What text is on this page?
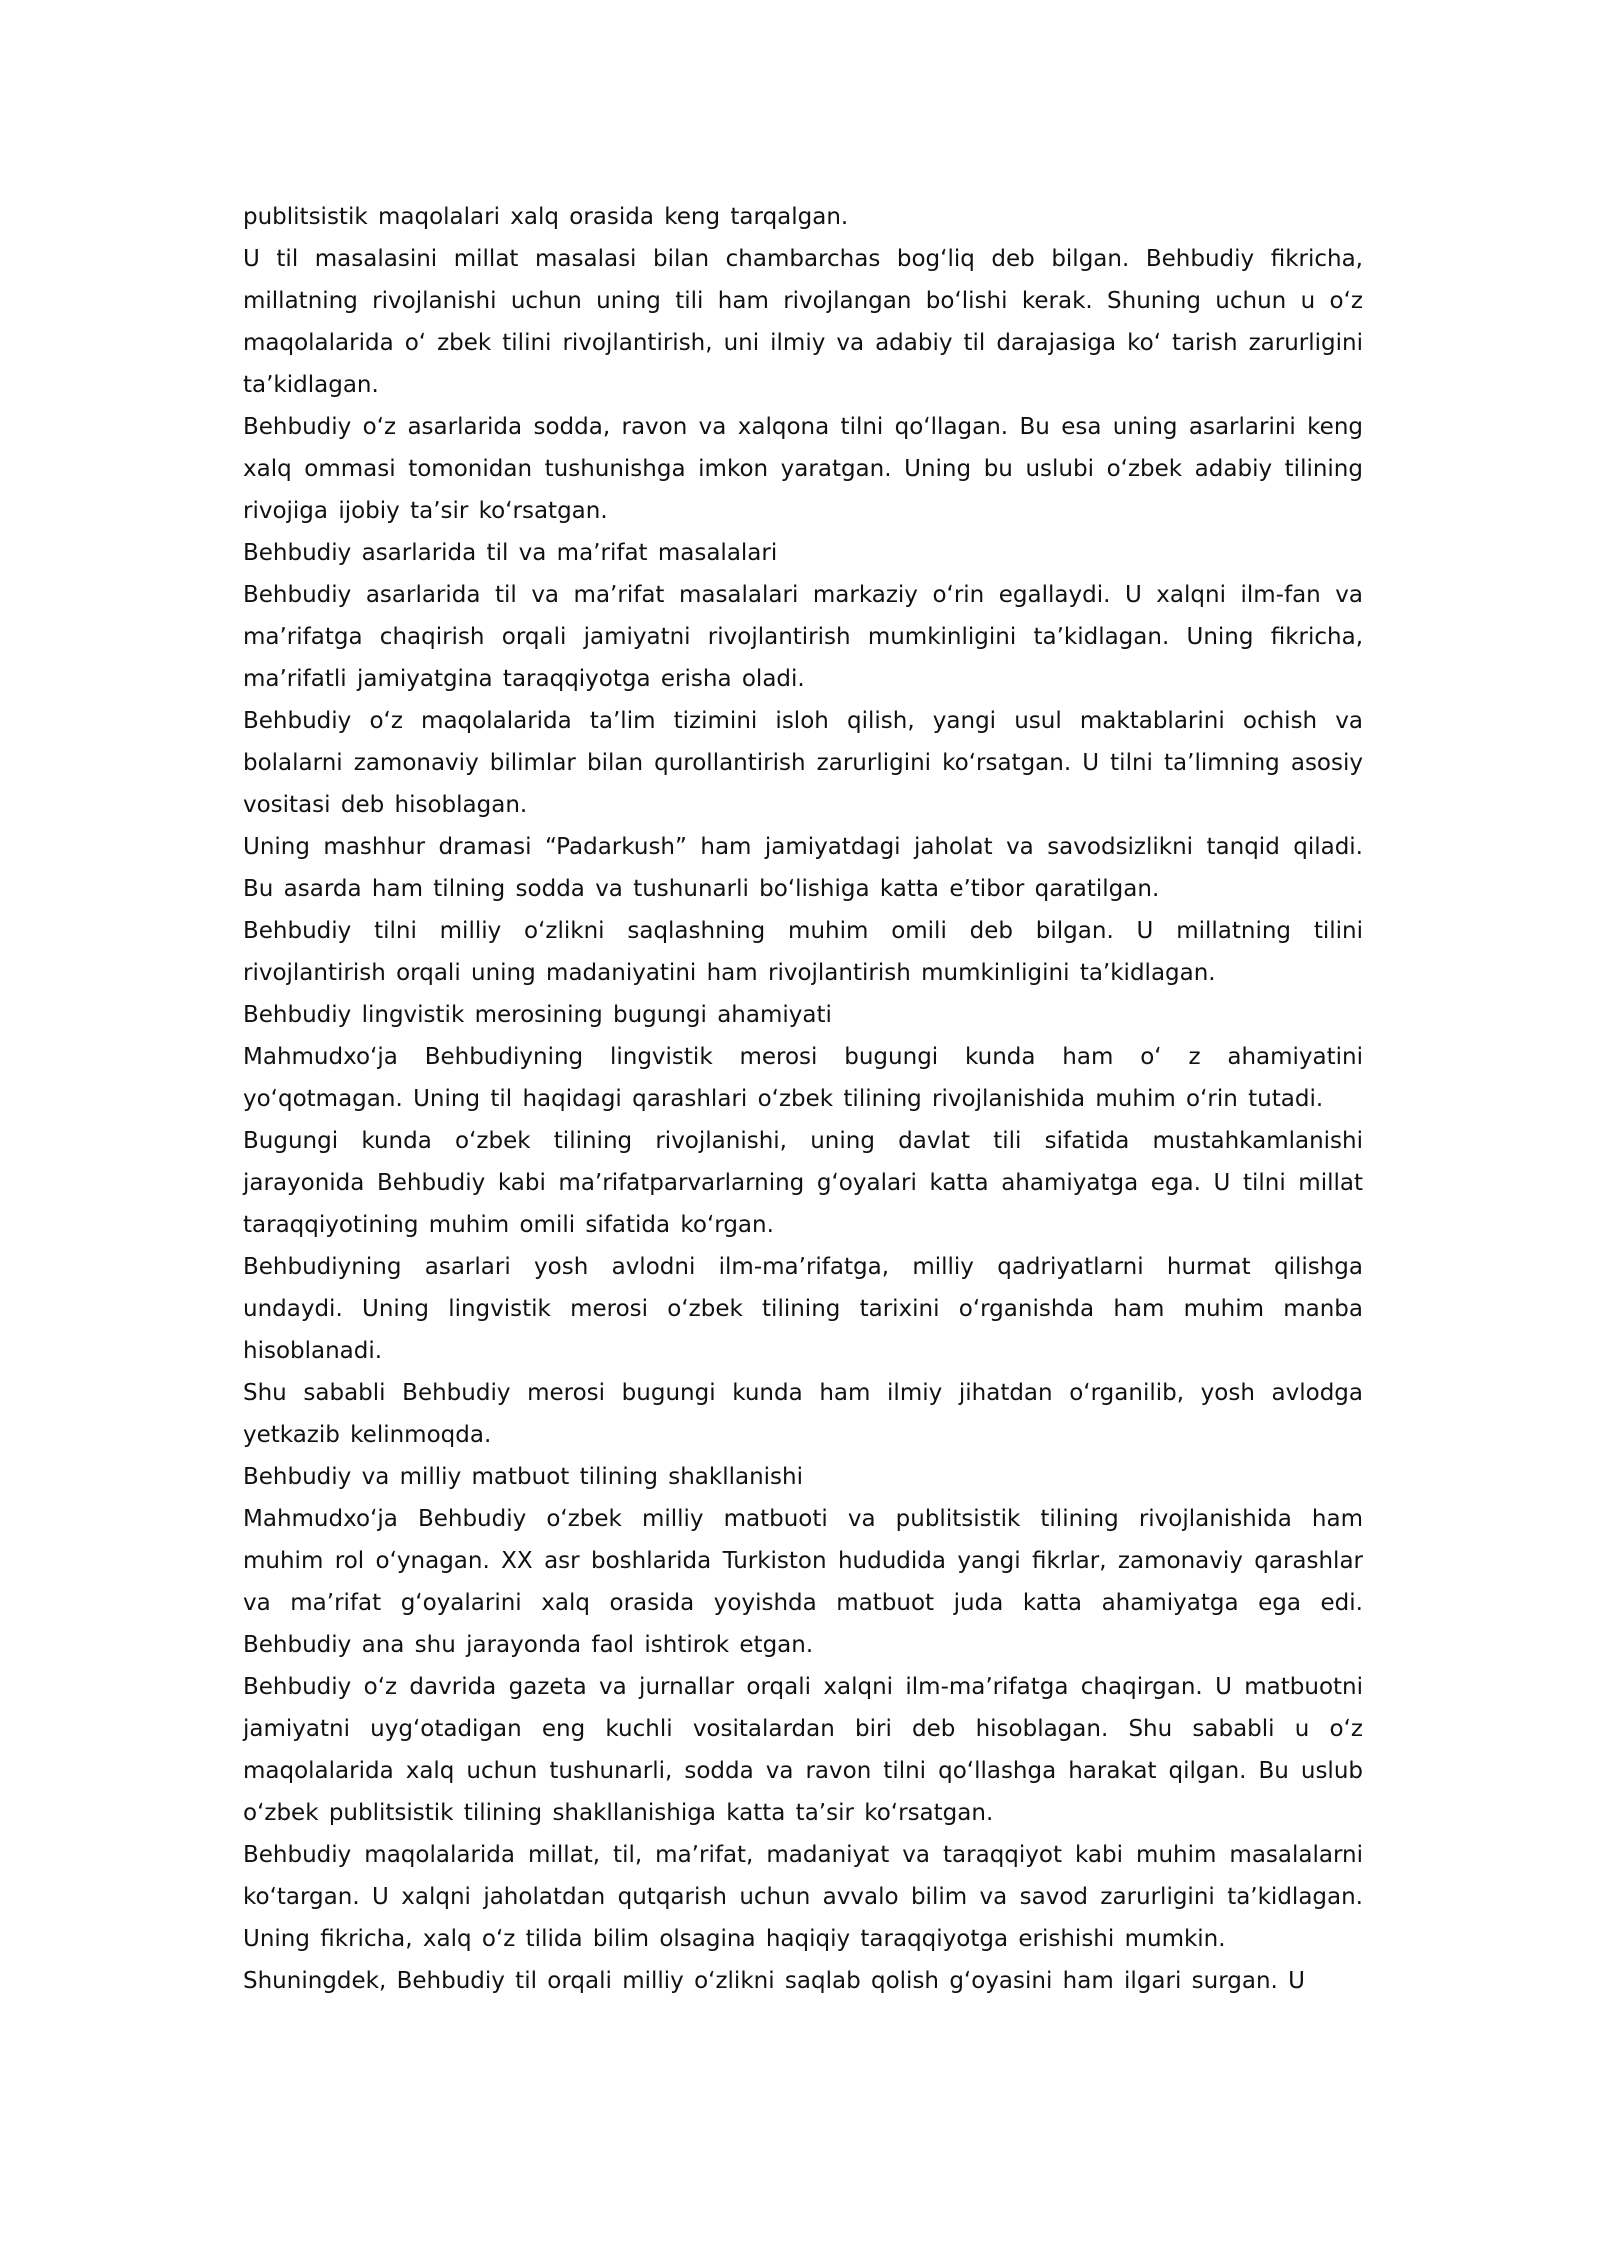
publitsistik maqolalari xalq orasida keng tarqalgan.

U til masalasini millat masalasi bilan chambarchas bogʻliq deb bilgan. Behbudiy fikricha, millatning rivojlanishi uchun uning tili ham rivojlangan boʻlishi kerak. Shuning uchun u oʻz maqolalarida oʻ zbek tilini rivojlantirish, uni ilmiy va adabiy til darajasiga koʻ tarish zarurligini taʼkidlagan.

Behbudiy oʻz asarlarida sodda, ravon va xalqona tilni qoʻllagan. Bu esa uning asarlarini keng xalq ommasi tomonidan tushunishga imkon yaratgan. Uning bu uslubi oʻzbek adabiy tilining rivojiga ijobiy taʼsir koʻrsatgan.

Behbudiy asarlarida til va maʼrifat masalalari

Behbudiy asarlarida til va maʼrifat masalalari markaziy oʻrin egallaydi. U xalqni ilm-fan va maʼrifatga chaqirish orqali jamiyatni rivojlantirish mumkinligini taʼkidlagan. Uning fikricha, maʼrifatli jamiyatgina taraqqiyotga erisha oladi.

Behbudiy oʻz maqolalarida taʼlim tizimini isloh qilish, yangi usul maktablarini ochish va bolalarni zamonaviy bilimlar bilan qurollantirish zarurligini koʻrsatgan. U tilni taʼlimning asosiy vositasi deb hisoblagan.

Uning mashhur dramasi “Padarkush” ham jamiyatdagi jaholat va savodsizlikni tanqid qiladi. Bu asarda ham tilning sodda va tushunarli boʻlishiga katta eʼtibor qaratilgan.

Behbudiy tilni milliy oʻzlikni saqlashning muhim omili deb bilgan. U millatning tilini rivojlantirish orqali uning madaniyatini ham rivojlantirish mumkinligini taʼkidlagan.

Behbudiy lingvistik merosining bugungi ahamiyati

Mahmudxoʻja Behbudiyning lingvistik merosi bugungi kunda ham oʻ z ahamiyatini yoʻqotmagan. Uning til haqidagi qarashlari oʻzbek tilining rivojlanishida muhim oʻrin tutadi.

Bugungi kunda oʻzbek tilining rivojlanishi, uning davlat tili sifatida mustahkamlanishi jarayonida Behbudiy kabi maʼrifatparvarlarning gʻoyalari katta ahamiyatga ega. U tilni millat taraqqiyotining muhim omili sifatida koʻrgan.

Behbudiyning asarlari yosh avlodni ilm-maʼrifatga, milliy qadriyatlarni hurmat qilishga undaydi. Uning lingvistik merosi oʻzbek tilining tarixini oʻrganishda ham muhim manba hisoblanadi.

Shu sababli Behbudiy merosi bugungi kunda ham ilmiy jihatdan oʻrganilib, yosh avlodga yetkazib kelinmoqda.

Behbudiy va milliy matbuot tilining shakllanishi

Mahmudxoʻja Behbudiy oʻzbek milliy matbuoti va publitsistik tilining rivojlanishida ham muhim rol oʻynagan. XX asr boshlarida Turkiston hududida yangi fikrlar, zamonaviy qarashlar va maʼrifat gʻoyalarini xalq orasida yoyishda matbuot juda katta ahamiyatga ega edi. Behbudiy ana shu jarayonda faol ishtirok etgan.

Behbudiy oʻz davrida gazeta va jurnallar orqali xalqni ilm-maʼrifatga chaqirgan. U matbuotni jamiyatni uygʻotadigan eng kuchli vositalardan biri deb hisoblagan. Shu sababli u oʻz maqolalarida xalq uchun tushunarli, sodda va ravon tilni qoʻllashga harakat qilgan. Bu uslub oʻzbek publitsistik tilining shakllanishiga katta taʼsir koʻrsatgan.

Behbudiy maqolalarida millat, til, maʼrifat, madaniyat va taraqqiyot kabi muhim masalalarni koʻtargan. U xalqni jaholatdan qutqarish uchun avvalo bilim va savod zarurligini taʼkidlagan. Uning fikricha, xalq oʻz tilida bilim olsagina haqiqiy taraqqiyotga erishishi mumkin.

Shuningdek, Behbudiy til orqali milliy oʻzlikni saqlab qolish gʻoyasini ham ilgari surgan. U
